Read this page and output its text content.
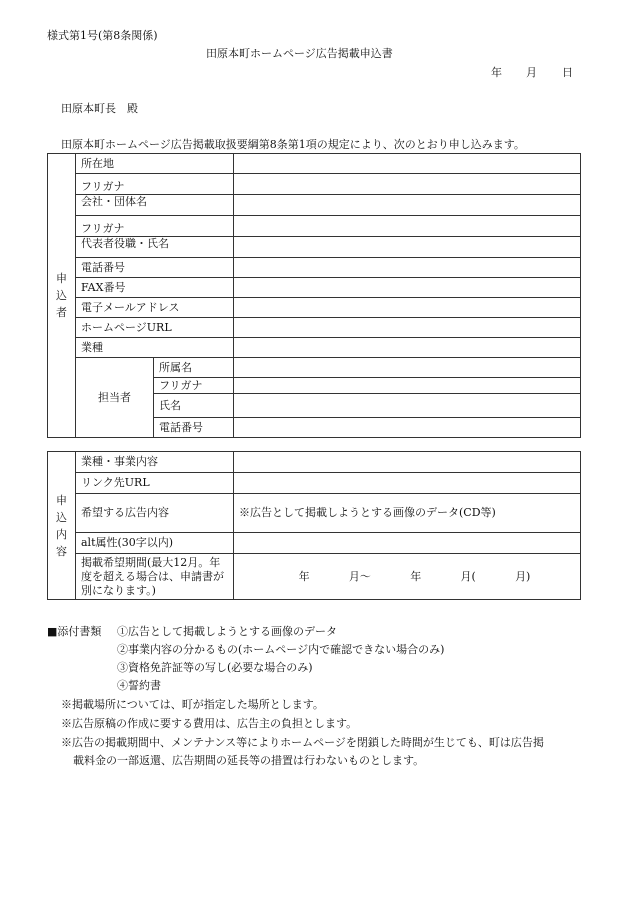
様式第1号(第8条関係)
田原本町ホームページ広告掲載申込書
年 月 日
田原本町長　殿
田原本町ホームページ広告掲載取扱要綱第8条第1項の規定により、次のとおり申し込みます。
申
込
者	所在地		

フリガナ
会社・団体名		

フリガナ
代表者役職・氏名		

	電話番号		
	FAX番号		
	電子メールアドレス		
	ホームページURL		
	業種		
	担当者	所属名	
		フリガナ	
		氏名	
		電話番号	
申
込
内
容	業種・事業内容	
	リンク先URL	
	希望する広告内容	※広告として掲載しようとする画像のデータ(CD等)
	alt属性(30字以内)	
	掲載希望期間(最大12月。年度を超える場合は、申請書が別になります。)	年 月～ 年 月( 月)
■添付書類 ①広告として掲載しようとする画像のデータ
②事業内容の分かるもの(ホームページ内で確認できない場合のみ)
③資格免許証等の写し(必要な場合のみ)
④誓約書
※掲載場所については、町が指定した場所とします。
※広告原稿の作成に要する費用は、広告主の負担とします。
※広告の掲載期間中、メンテナンス等によりホームページを閉鎖した時間が生じても、町は広告掲
載料金の一部返還、広告期間の延長等の措置は行わないものとします。
